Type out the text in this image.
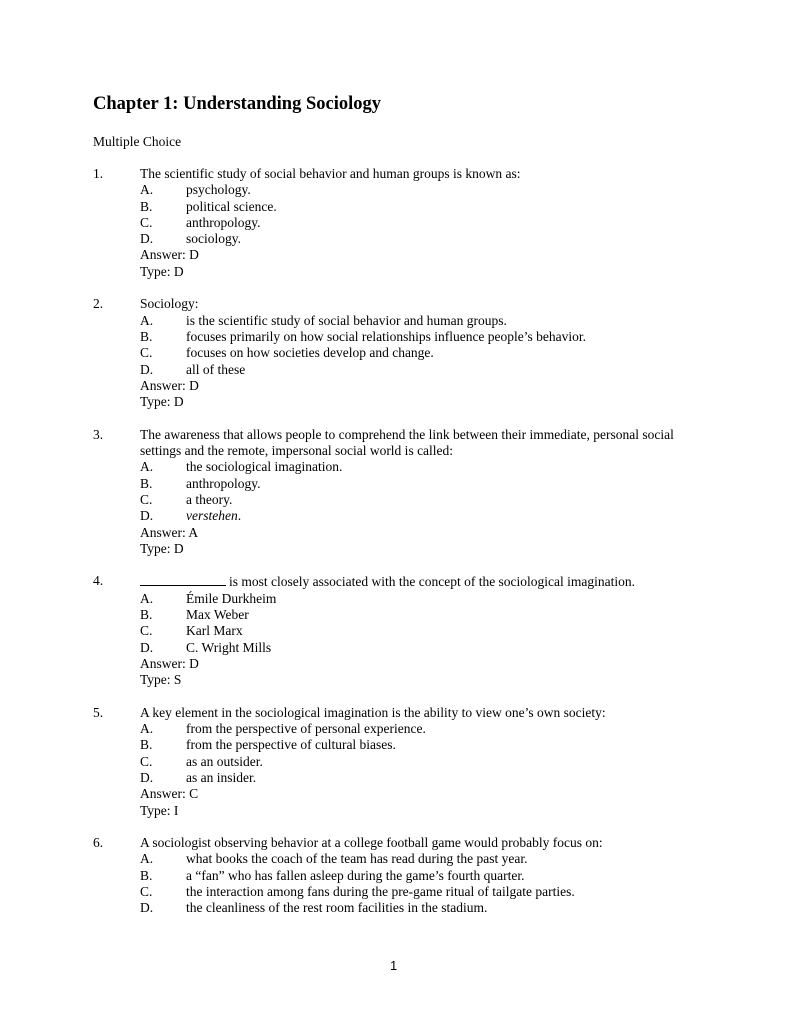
Chapter 1: Understanding Sociology
Multiple Choice
1.	The scientific study of social behavior and human groups is known as:
A. psychology.
B. political science.
C. anthropology.
D. sociology.
Answer: D
Type: D
2.	Sociology:
A. is the scientific study of social behavior and human groups.
B. focuses primarily on how social relationships influence people’s behavior.
C. focuses on how societies develop and change.
D. all of these
Answer: D
Type: D
3.	The awareness that allows people to comprehend the link between their immediate, personal social settings and the remote, impersonal social world is called:
A. the sociological imagination.
B. anthropology.
C. a theory.
D. verstehen.
Answer: A
Type: D
4.	is most closely associated with the concept of the sociological imagination.
A. Émile Durkheim
B. Max Weber
C. Karl Marx
D. C. Wright Mills
Answer: D
Type: S
5.	A key element in the sociological imagination is the ability to view one’s own society:
A. from the perspective of personal experience.
B. from the perspective of cultural biases.
C. as an outsider.
D. as an insider.
Answer: C
Type: I
6.	A sociologist observing behavior at a college football game would probably focus on:
A. what books the coach of the team has read during the past year.
B. a “fan” who has fallen asleep during the game’s fourth quarter.
C. the interaction among fans during the pre-game ritual of tailgate parties.
D. the cleanliness of the rest room facilities in the stadium.
1
